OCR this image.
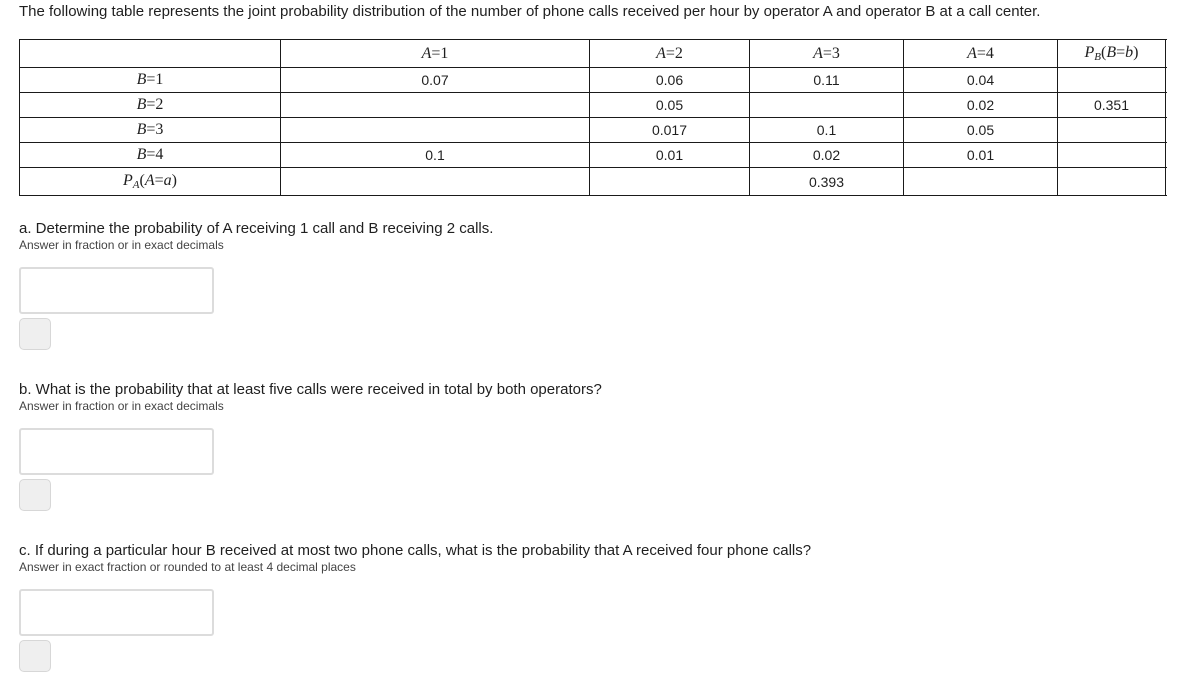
The following table represents the joint probability distribution of the number of phone calls received per hour by operator A and operator B at a call center.
	A=1	A=2	A=3	A=4	$P_B(B=b)$
B=1	0.07	0.06	0.11	0.04	
B=2		0.05		0.02	0.351
B=3		0.017	0.1	0.05	
B=4	0.1	0.01	0.02	0.01	
$P_A(A=a)$			0.393		
a. Determine the probability of A receiving 1 call and B receiving 2 calls.
Answer in fraction or in exact decimals
b. What is the probability that at least five calls were received in total by both operators?
Answer in fraction or in exact decimals
c. If during a particular hour B received at most two phone calls, what is the probability that A received four phone calls?
Answer in exact fraction or rounded to at least 4 decimal places
